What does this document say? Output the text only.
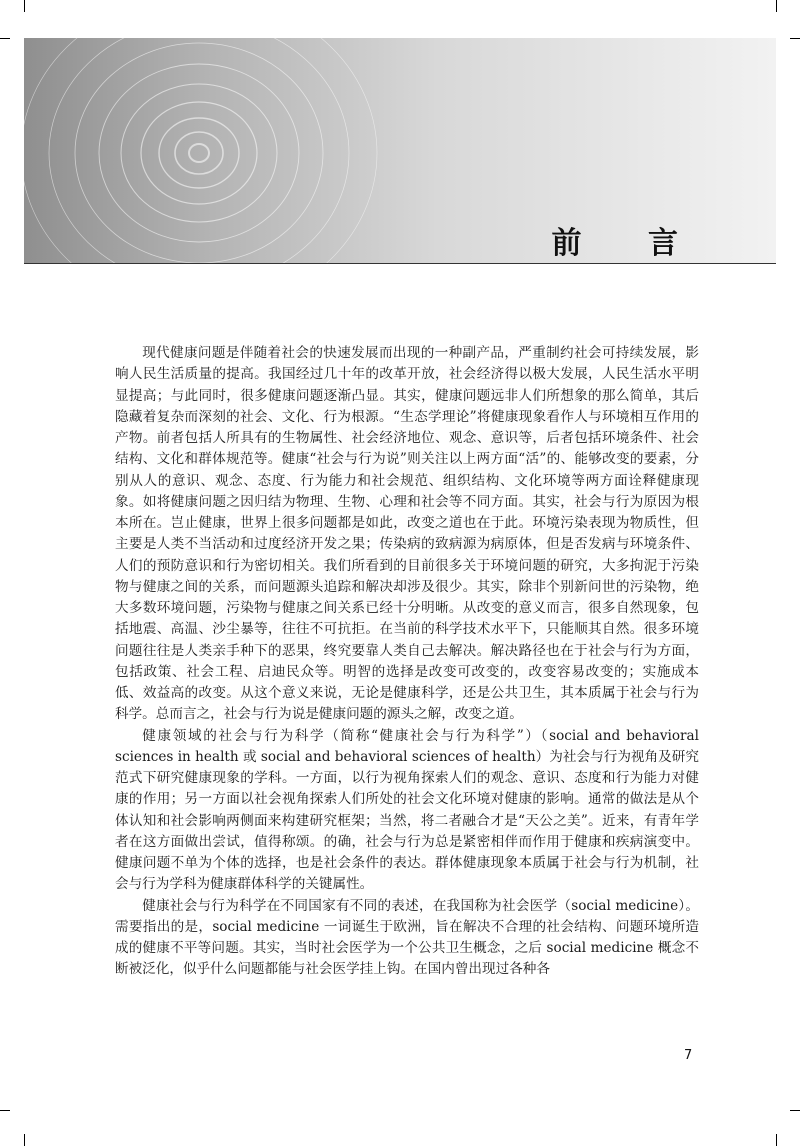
前 言

现代健康问题是伴随着社会的快速发展而出现的一种副产品，严重制约社会可持续发展，影响人民生活质量的提高。我国经过几十年的改革开放，社会经济得以极大发展，人民生活水平明显提高；与此同时，很多健康问题逐渐凸显。其实，健康问题远非人们所想象的那么简单，其后隐藏着复杂而深刻的社会、文化、行为根源。“生态学理论”将健康现象看作人与环境相互作用的产物。前者包括人所具有的生物属性、社会经济地位、观念、意识等，后者包括环境条件、社会结构、文化和群体规范等。健康“社会与行为说”则关注以上两方面“活”的、能够改变的要素，分别从人的意识、观念、态度、行为能力和社会规范、组织结构、文化环境等两方面诠释健康现象。如将健康问题之因归结为物理、生物、心理和社会等不同方面。其实，社会与行为原因为根本所在。岂止健康，世界上很多问题都是如此，改变之道也在于此。环境污染表现为物质性，但主要是人类不当活动和过度经济开发之果；传染病的致病源为病原体，但是否发病与环境条件、人们的预防意识和行为密切相关。我们所看到的目前很多关于环境问题的研究，大多拘泥于污染物与健康之间的关系，而问题源头追踪和解决却涉及很少。其实，除非个别新问世的污染物，绝大多数环境问题，污染物与健康之间关系已经十分明晰。从改变的意义而言，很多自然现象，包括地震、高温、沙尘暴等，往往不可抗拒。在当前的科学技术水平下，只能顺其自然。很多环境问题往往是人类亲手种下的恶果，终究要靠人类自己去解决。解决路径也在于社会与行为方面，包括政策、社会工程、启迪民众等。明智的选择是改变可改变的，改变容易改变的；实施成本低、效益高的改变。从这个意义来说，无论是健康科学，还是公共卫生，其本质属于社会与行为科学。总而言之，社会与行为说是健康问题的源头之解，改变之道。

健康领域的社会与行为科学（简称“健康社会与行为科学”）（social and behavioral sciences in health 或 social and behavioral sciences of health）为社会与行为视角及研究范式下研究健康现象的学科。一方面，以行为视角探索人们的观念、意识、态度和行为能力对健康的作用；另一方面以社会视角探索人们所处的社会文化环境对健康的影响。通常的做法是从个体认知和社会影响两侧面来构建研究框架；当然，将二者融合才是“天公之美”。近来，有青年学者在这方面做出尝试，值得称颂。的确，社会与行为总是紧密相伴而作用于健康和疾病演变中。健康问题不单为个体的选择，也是社会条件的表达。群体健康现象本质属于社会与行为机制，社会与行为学科为健康群体科学的关键属性。

健康社会与行为科学在不同国家有不同的表述，在我国称为社会医学（social medicine）。需要指出的是，social medicine 一词诞生于欧洲，旨在解决不合理的社会结构、问题环境所造成的健康不平等问题。其实，当时社会医学为一个公共卫生概念，之后 social medicine 概念不断被泛化，似乎什么问题都能与社会医学挂上钩。在国内曾出现过各种各

7
